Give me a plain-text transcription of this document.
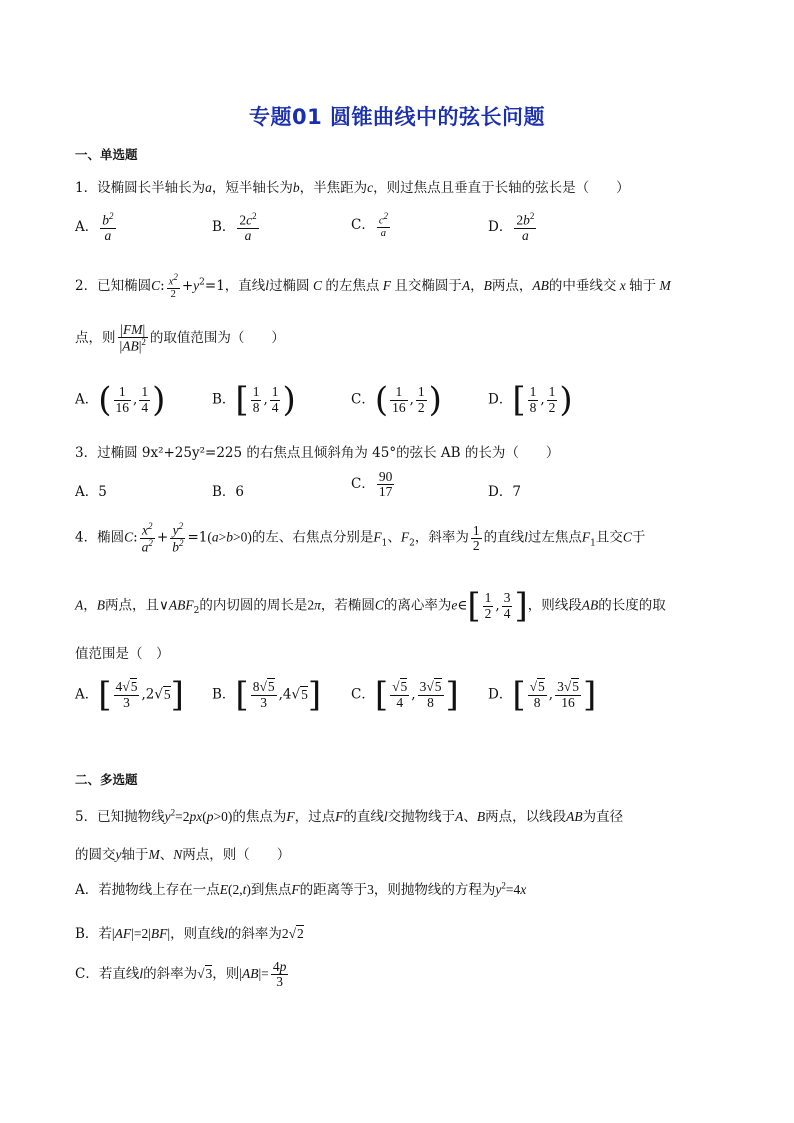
专题01 圆锥曲线中的弦长问题
一、单选题
1．设椭圆长半轴长为a，短半轴长为b，半焦距为c，则过焦点且垂直于长轴的弦长是（　　）
A． $\frac{b^2}{a}$	B． $\frac{2c^2}{a}$	C． $\frac{c^2}{a}$	D． $\frac{2b^2}{a}$
2．已知椭圆C: $\frac{x^2}{2} +y^2=1$，直线l过椭圆 C 的左焦点 F 且交椭圆于A，B两点，AB的中垂线交 x 轴于 M
点，则 $\frac{|FM|}{|AB|^2}$ 的取值范围为（　　）
A．( $\frac{1}{16}$ , $\frac{1}{4}$ )	B．[ $\frac{1}{8}$ , $\frac{1}{4}$ )	C．( $\frac{1}{16}$ , $\frac{1}{2}$ )	D．[ $\frac{1}{8}$ , $\frac{1}{2}$ )
3．过椭圆 9x²+25y²=225 的右焦点且倾斜角为 45°的弦长 AB 的长为（　　）
A．5	B．6	C． $\frac{90}{17}$	D．7
4．椭圆C: $\frac{x^2}{a^2} + \frac{y^2}{b^2} =1(a>b>0)$的左、右焦点分别是$F_1$、$F_2$，斜率为 $\frac{1}{2}$ 的直线l过左焦点$F_1$且交C于
A，B两点，且$\vee ABF_2$的内切圆的周长是2π，若椭圆C的离心率为e∈[ $\frac{1}{2}$ , $\frac{3}{4}$ ]，则线段AB的长度的取
值范围是（　）
A．[ $\frac{4√5}{3} ,2√5$] B．[ $\frac{8√5}{3} ,4√5$] C．[ $\frac{√5}{4}$ , $\frac{3√5}{8}$ ] D．[ $\frac{√5}{8}$ , $\frac{3√5}{16}$ ]
二、多选题
5．已知抛物线$y^2=2px(p>0)$的焦点为F，过点F的直线l交抛物线于A、B两点，以线段AB为直径
的圆交y轴于M、N两点，则（　　）
A．若抛物线上存在一点E(2,t)到焦点F的距离等于3，则抛物线的方程为$y^2=4x$
B．若|AF|=2|BF|，则直线l的斜率为2√2
C．若直线l的斜率为√3，则$|AB|= \frac{4p}{3}$
